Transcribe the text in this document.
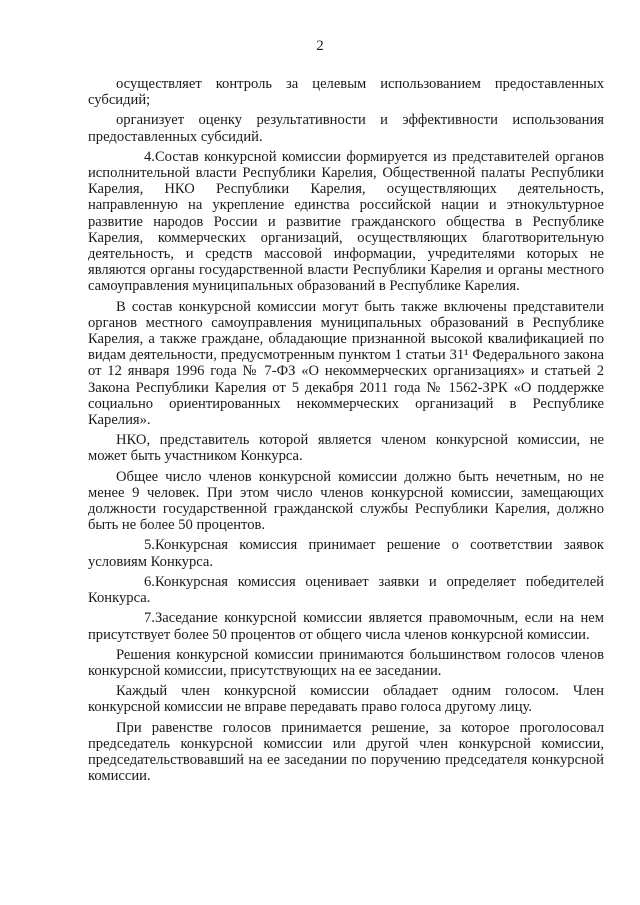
2

осуществляет контроль за целевым использованием предоставленных субсидий;

организует оценку результативности и эффективности использования предоставленных субсидий.

4.Состав конкурсной комиссии формируется из представителей органов исполнительной власти Республики Карелия, Общественной палаты Республики Карелия, НКО Республики Карелия, осуществляющих деятельность, направленную на укрепление единства российской нации и этнокультурное развитие народов России и развитие гражданского общества в Республике Карелия, коммерческих организаций, осуществляющих благотворительную деятельность, и средств массовой информации, учредителями которых не являются органы государственной власти Республики Карелия и органы местного самоуправления муниципальных образований в Республике Карелия.

В состав конкурсной комиссии могут быть также включены представители органов местного самоуправления муниципальных образований в Республике Карелия, а также граждане, обладающие признанной высокой квалификацией по видам деятельности, предусмотренным пунктом 1 статьи 31¹ Федерального закона от 12 января 1996 года № 7-ФЗ «О некоммерческих организациях» и статьей 2 Закона Республики Карелия от 5 декабря 2011 года № 1562-ЗРК «О поддержке социально ориентированных некоммерческих организаций в Республике Карелия».

НКО, представитель которой является членом конкурсной комиссии, не может быть участником Конкурса.

Общее число членов конкурсной комиссии должно быть нечетным, но не менее 9 человек. При этом число членов конкурсной комиссии, замещающих должности государственной гражданской службы Республики Карелия, должно быть не более 50 процентов.

5.Конкурсная комиссия принимает решение о соответствии заявок условиям Конкурса.

6.Конкурсная комиссия оценивает заявки и определяет победителей Конкурса.

7.Заседание конкурсной комиссии является правомочным, если на нем присутствует более 50 процентов от общего числа членов конкурсной комиссии.

Решения конкурсной комиссии принимаются большинством голосов членов конкурсной комиссии, присутствующих на ее заседании.

Каждый член конкурсной комиссии обладает одним голосом. Член конкурсной комиссии не вправе передавать право голоса другому лицу.

При равенстве голосов принимается решение, за которое проголосовал председатель конкурсной комиссии или другой член конкурсной комиссии, председательствовавший на ее заседании по поручению председателя конкурсной комиссии.
